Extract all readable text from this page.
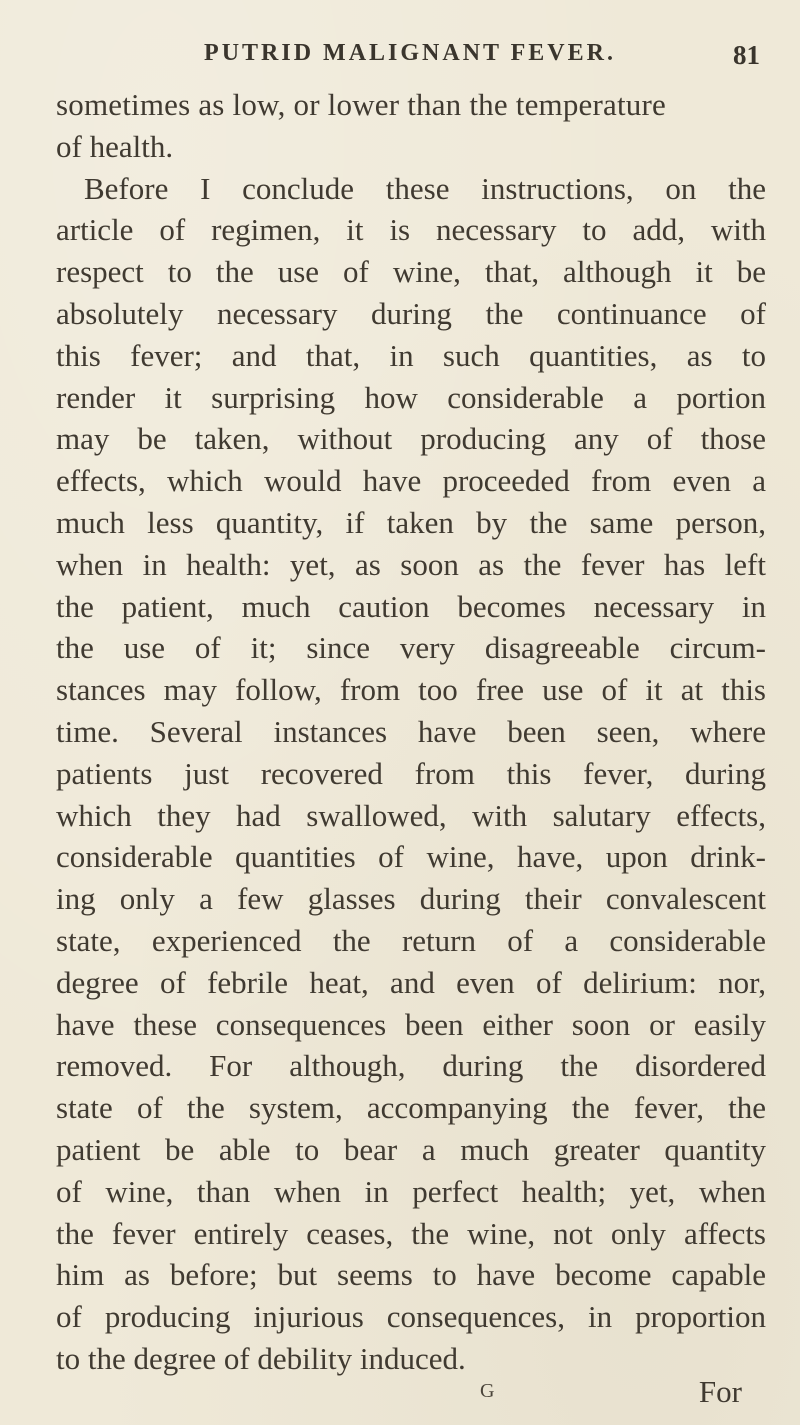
PUTRID MALIGNANT FEVER.	81
sometimes as low, or lower than the temperature
of health.
Before I conclude these instructions, on the
article of regimen, it is necessary to add, with
respect to the use of wine, that, although it be
absolutely necessary during the continuance of
this fever; and that, in such quantities, as to
render it surprising how considerable a portion
may be taken, without producing any of those
effects, which would have proceeded from even a
much less quantity, if taken by the same person,
when in health: yet, as soon as the fever has left
the patient, much caution becomes necessary in
the use of it; since very disagreeable circum-
stances may follow, from too free use of it at this
time. Several instances have been seen, where
patients just recovered from this fever, during
which they had swallowed, with salutary effects,
considerable quantities of wine, have, upon drink-
ing only a few glasses during their convalescent
state, experienced the return of a considerable
degree of febrile heat, and even of delirium: nor,
have these consequences been either soon or easily
removed. For although, during the disordered
state of the system, accompanying the fever, the
patient be able to bear a much greater quantity
of wine, than when in perfect health; yet, when
the fever entirely ceases, the wine, not only affects
him as before; but seems to have become capable
of producing injurious consequences, in proportion
to the degree of debility induced.
G	For
